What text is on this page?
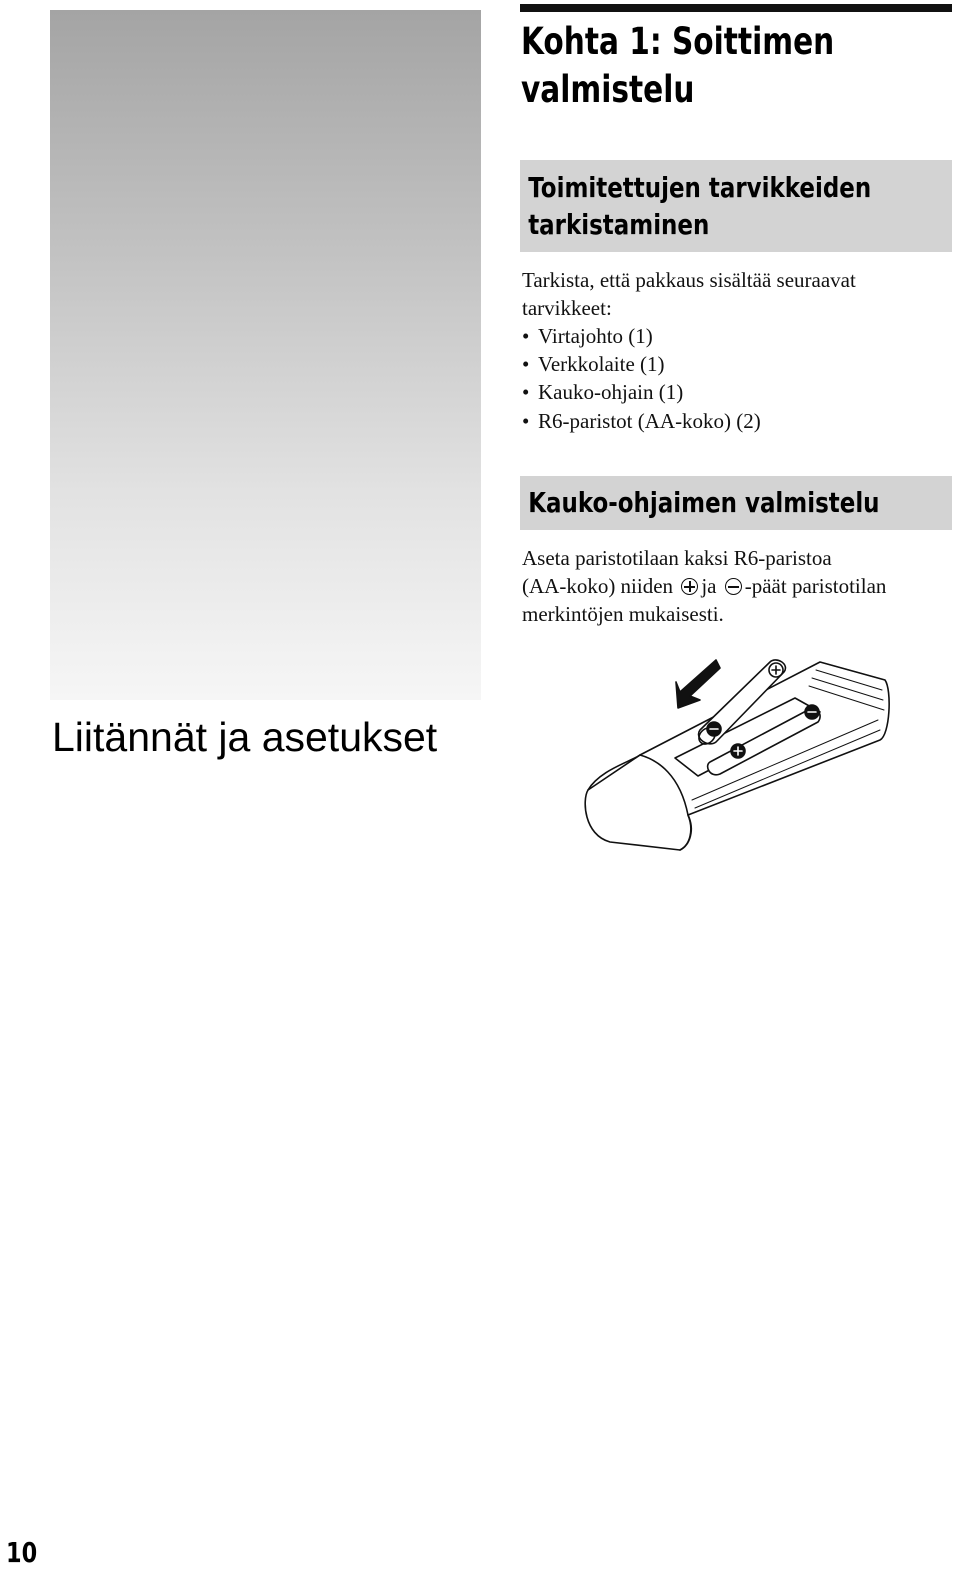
Liitännät ja asetukset
Kohta 1: Soittimen
valmistelu
Toimitettujen tarvikkeiden
tarkistaminen

Tarkista, että pakkaus sisältää seuraavat
tarvikkeet:

• Virtajohto (1)
• Verkkolaite (1)
• Kauko-ohjain (1)
• R6-paristot (AA-koko) (2)
Kauko-ohjaimen valmistelu

Aseta paristotilaan kaksi R6-paristoa
(AA-koko) niiden ja -päät paristotilan
merkintöjen mukaisesti.

10
